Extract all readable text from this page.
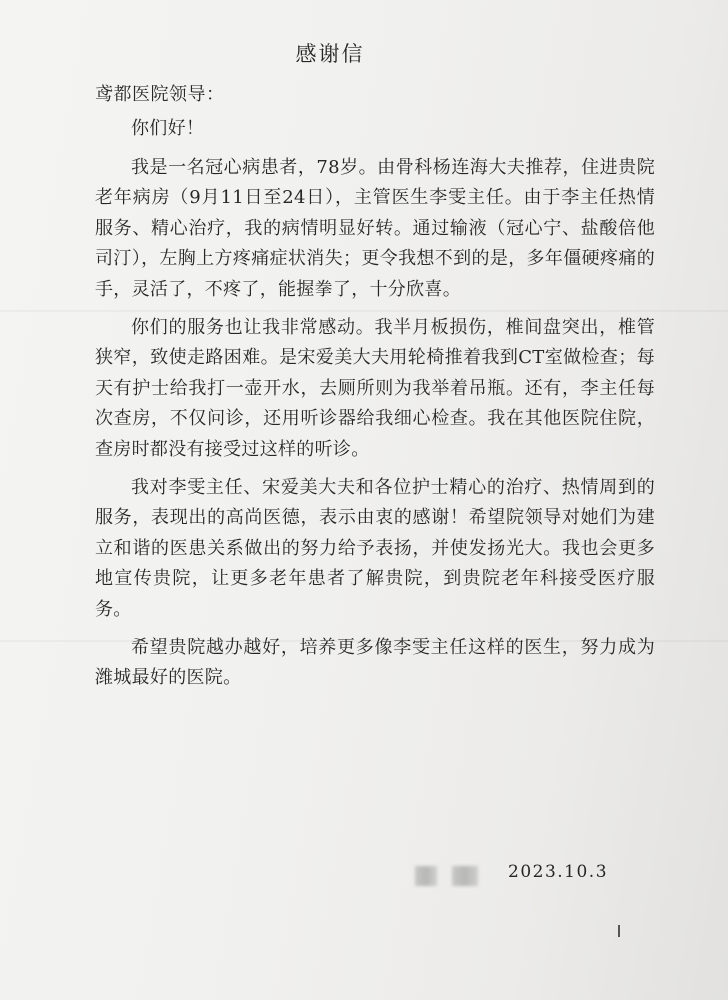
感谢信
鸢都医院领导：

你们好！

我是一名冠心病患者，78岁。由骨科杨连海大夫推荐，住进贵院老年病房（9月11日至24日），主管医生李雯主任。由于李主任热情服务、精心治疗，我的病情明显好转。通过输液（冠心宁、盐酸倍他司汀），左胸上方疼痛症状消失；更令我想不到的是，多年僵硬疼痛的手，灵活了，不疼了，能握拳了，十分欣喜。

你们的服务也让我非常感动。我半月板损伤，椎间盘突出，椎管狭窄，致使走路困难。是宋爱美大夫用轮椅推着我到CT室做检查；每天有护士给我打一壶开水，去厕所则为我举着吊瓶。还有，李主任每次查房，不仅问诊，还用听诊器给我细心检查。我在其他医院住院，查房时都没有接受过这样的听诊。

我对李雯主任、宋爱美大夫和各位护士精心的治疗、热情周到的服务，表现出的高尚医德，表示由衷的感谢！希望院领导对她们为建立和谐的医患关系做出的努力给予表扬，并使发扬光大。我也会更多地宣传贵院，让更多老年患者了解贵院，到贵院老年科接受医疗服务。

希望贵院越办越好，培养更多像李雯主任这样的医生，努力成为潍城最好的医院。

2023.10.3
